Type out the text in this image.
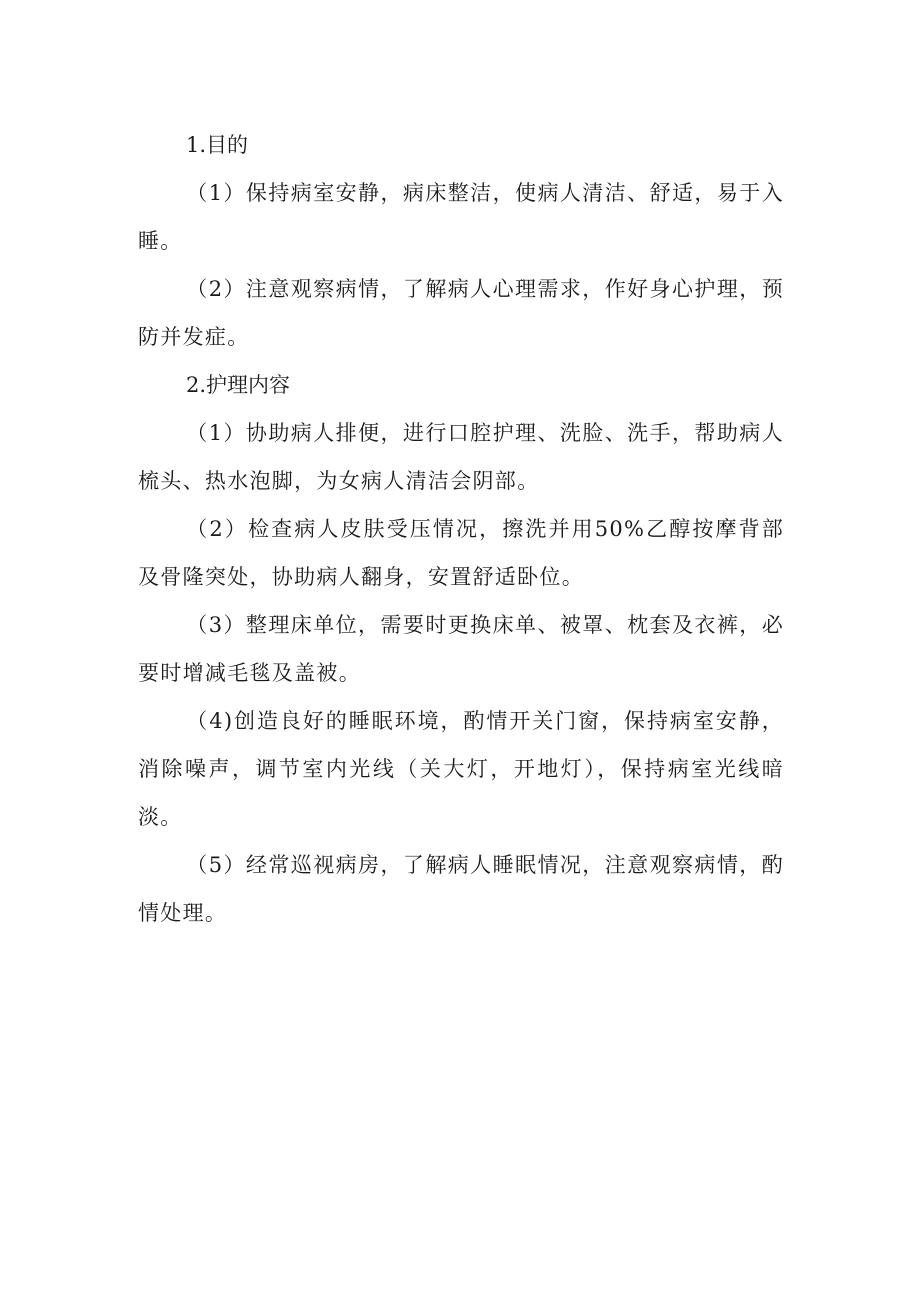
1.目的

（1）保持病室安静，病床整洁，使病人清洁、舒适，易于入睡。

（2）注意观察病情，了解病人心理需求，作好身心护理，预防并发症。

2.护理内容

（1）协助病人排便，进行口腔护理、洗脸、洗手，帮助病人梳头、热水泡脚，为女病人清洁会阴部。

（2）检查病人皮肤受压情况，擦洗并用50%乙醇按摩背部及骨隆突处，协助病人翻身，安置舒适卧位。

（3）整理床单位，需要时更换床单、被罩、枕套及衣裤，必要时增减毛毯及盖被。

（4)创造良好的睡眠环境，酌情开关门窗，保持病室安静，消除噪声，调节室内光线（关大灯，开地灯），保持病室光线暗淡。

（5）经常巡视病房，了解病人睡眠情况，注意观察病情，酌情处理。
